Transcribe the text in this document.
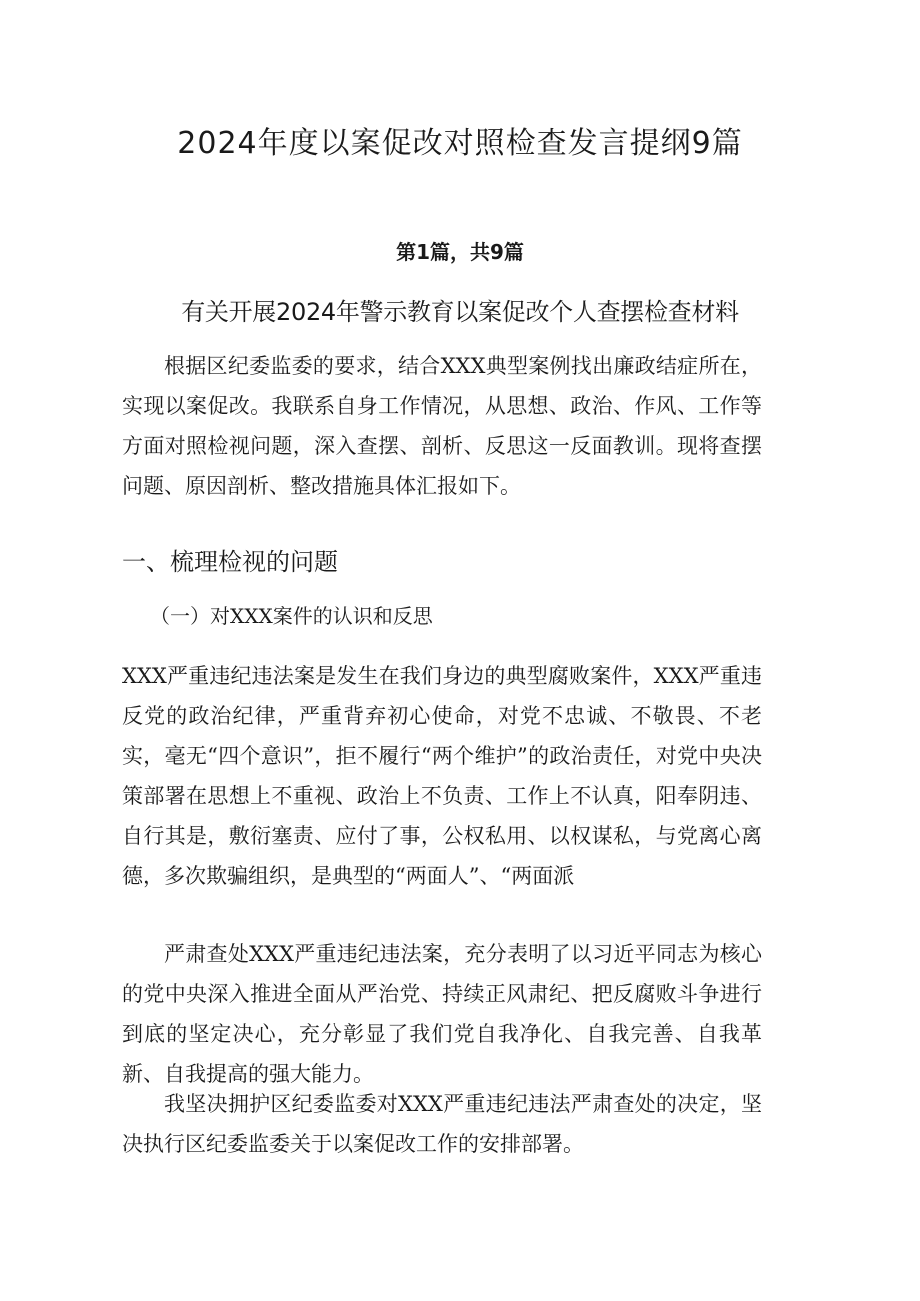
2024年度以案促改对照检查发言提纲9篇
第1篇，共9篇
有关开展2024年警示教育以案促改个人查摆检查材料

根据区纪委监委的要求，结合XXX典型案例找出廉政结症所在，实现以案促改。我联系自身工作情况，从思想、政治、作风、工作等方面对照检视问题，深入查摆、剖析、反思这一反面教训。现将查摆问题、原因剖析、整改措施具体汇报如下。

一、梳理检视的问题
（一）对XXX案件的认识和反思

XXX严重违纪违法案是发生在我们身边的典型腐败案件，XXX严重违反党的政治纪律，严重背弃初心使命，对党不忠诚、不敬畏、不老实，毫无“四个意识”，拒不履行“两个维护”的政治责任，对党中央决策部署在思想上不重视、政治上不负责、工作上不认真，阳奉阴违、自行其是，敷衍塞责、应付了事，公权私用、以权谋私，与党离心离德，多次欺骗组织，是典型的“两面人”、“两面派

严肃查处XXX严重违纪违法案，充分表明了以习近平同志为核心的党中央深入推进全面从严治党、持续正风肃纪、把反腐败斗争进行到底的坚定决心，充分彰显了我们党自我净化、自我完善、自我革新、自我提高的强大能力。

我坚决拥护区纪委监委对XXX严重违纪违法严肃查处的决定，坚决执行区纪委监委关于以案促改工作的安排部署。
